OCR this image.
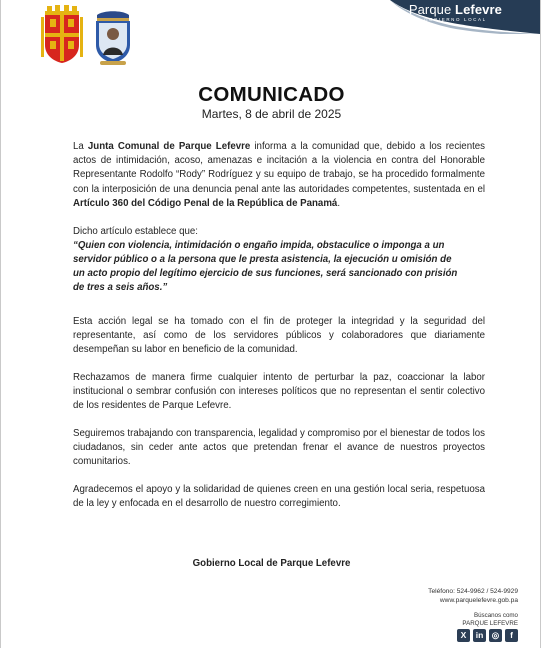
Parque Lefevre
GOBIERNO LOCAL
COMUNICADO
Martes, 8 de abril de 2025

La Junta Comunal de Parque Lefevre informa a la comunidad que, debido a los recientes actos de intimidación, acoso, amenazas e incitación a la violencia en contra del Honorable Representante Rodolfo “Rody” Rodríguez y su equipo de trabajo, se ha procedido formalmente con la interposición de una denuncia penal ante las autoridades competentes, sustentada en el Artículo 360 del Código Penal de la República de Panamá.

Dicho artículo establece que:

“Quien con violencia, intimidación o engaño impida, obstaculice o imponga a un
servidor público o a la persona que le presta asistencia, la ejecución u omisión de
un acto propio del legítimo ejercicio de sus funciones, será sancionado con prisión
de tres a seis años.”

Esta acción legal se ha tomado con el fin de proteger la integridad y la seguridad del representante, así como de los servidores públicos y colaboradores que diariamente desempeñan su labor en beneficio de la comunidad.

Rechazamos de manera firme cualquier intento de perturbar la paz, coaccionar la labor institucional o sembrar confusión con intereses políticos que no representan el sentir colectivo de los residentes de Parque Lefevre.

Seguiremos trabajando con transparencia, legalidad y compromiso por el bienestar de todos los ciudadanos, sin ceder ante actos que pretendan frenar el avance de nuestros proyectos comunitarios.

Agradecemos el apoyo y la solidaridad de quienes creen en una gestión local seria, respetuosa de la ley y enfocada en el desarrollo de nuestro corregimiento.

Gobierno Local de Parque Lefevre
Teléfono: 524-9962 / 524-9929
www.parquelefevre.gob.pa
Búscanos como
PARQUE LEFEVRE
X	in	◎	f
